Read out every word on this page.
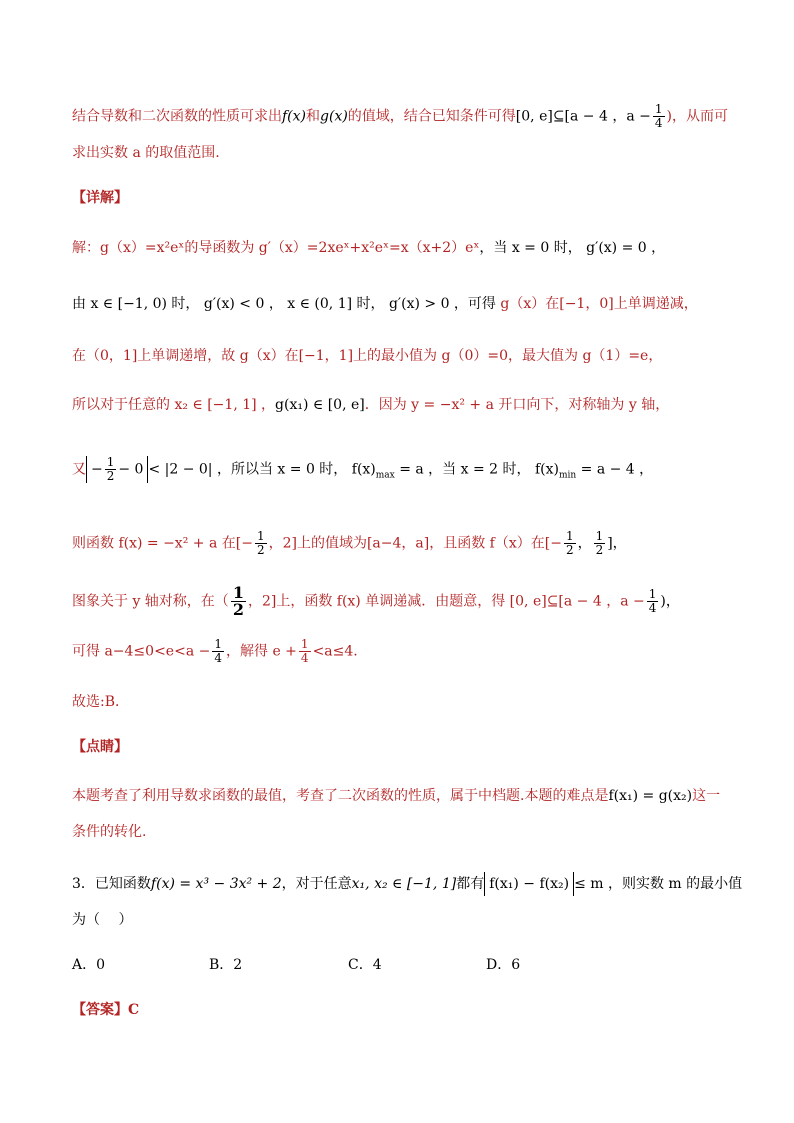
结合导数和二次函数的性质可求出f(x)和g(x)的值域，结合已知条件可得[0, e]⊆[a − 4 ，$a - \frac{1}{4}$ )，从而可
求出实数 a 的取值范围.
【详解】
解：g（x）=x²eˣ的导函数为 g′（x）=2xeˣ+x²eˣ=x（x+2）eˣ，当 x = 0 时， g′(x) = 0 ，
由 x ∈ [−1, 0) 时， g′(x) < 0 ， x ∈ (0, 1] 时， g′(x) > 0 ，可得 g（x）在[−1，0]上单调递减，
在（0，1]上单调递增，故 g（x）在[−1，1]上的最小值为 g（0）=0，最大值为 g（1）=e，
所以对于任意的 x₂ ∈ [−1, 1] ，g(x₁) ∈ [0, e]．因为 y = −x² + a 开口向下，对称轴为 y 轴，
又 − $\frac{1}{2} - 0 < |2 - 0|$ ，所以当 x = 0 时， $f(x)_{max} = a$ ，当 x = 2 时， $f(x)_{min} = a - 4$ ，
则函数 f(x) = −x² + a 在[− $\frac{1}{2}$ ，2]上的值域为[a−4，a]，且函数 f（x）在[− $\frac{1}{2}$ ， $\frac{1}{2}$ ]，
图象关于 y 轴对称，在（ $\frac{1}{2}$ ，2]上，函数 f(x) 单调递减．由题意，得 [0, e]⊆[a − 4 ，$a - \frac{1}{4}$ )，
可得 $a-4\le 0<e<a - \frac{1}{4}$ ，解得 $e + \frac{1}{4} <a\le 4$.
故选:B．
【点睛】
本题考查了利用导数求函数的最值，考查了二次函数的性质，属于中档题.本题的难点是f(x₁) = g(x₂)这一
条件的转化.
3．已知函数f(x) = x³ − 3x² + 2，对于任意x₁, x₂ ∈ [−1, 1]都有 f(x₁) − f(x₂) ≤ m ，则实数 m 的最小值
为（　 ）
A．0	B．2	C．4	D．6
【答案】C
